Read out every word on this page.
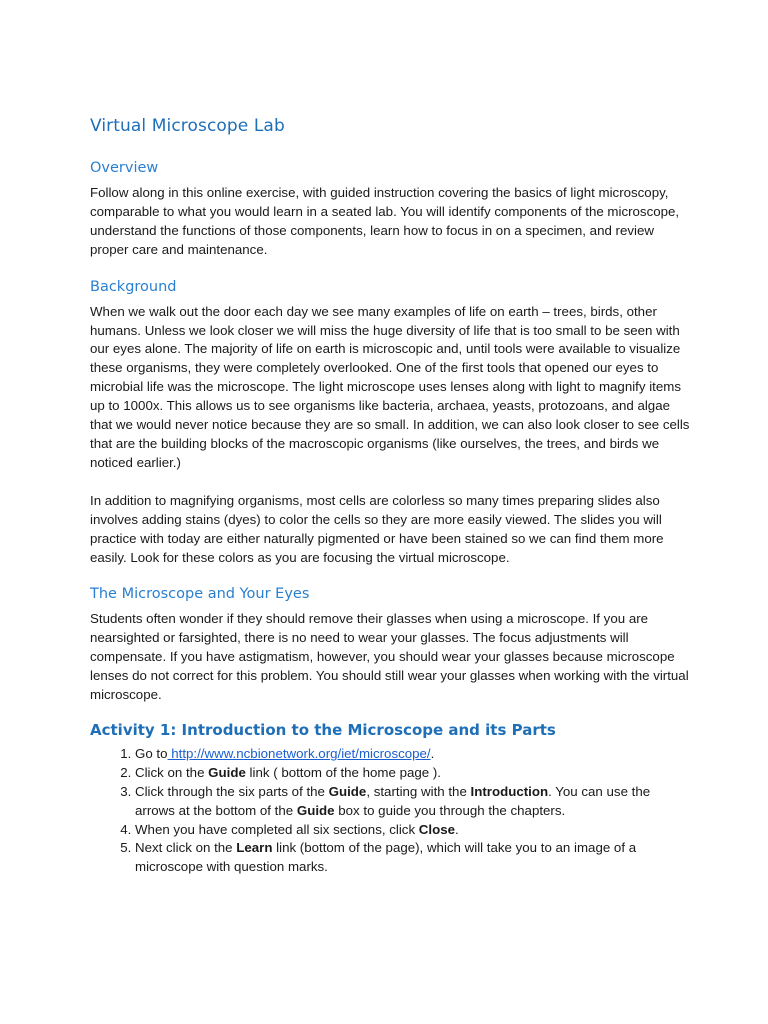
Virtual Microscope Lab
Overview

Follow along in this online exercise, with guided instruction covering the basics of light microscopy, comparable to what you would learn in a seated lab. You will identify components of the microscope, understand the functions of those components, learn how to focus in on a specimen, and review proper care and maintenance.

Background

When we walk out the door each day we see many examples of life on earth – trees, birds, other humans. Unless we look closer we will miss the huge diversity of life that is too small to be seen with our eyes alone. The majority of life on earth is microscopic and, until tools were available to visualize these organisms, they were completely overlooked. One of the first tools that opened our eyes to microbial life was the microscope. The light microscope uses lenses along with light to magnify items up to 1000x. This allows us to see organisms like bacteria, archaea, yeasts, protozoans, and algae that we would never notice because they are so small. In addition, we can also look closer to see cells that are the building blocks of the macroscopic organisms (like ourselves, the trees, and birds we noticed earlier.)

In addition to magnifying organisms, most cells are colorless so many times preparing slides also involves adding stains (dyes) to color the cells so they are more easily viewed. The slides you will practice with today are either naturally pigmented or have been stained so we can find them more easily. Look for these colors as you are focusing the virtual microscope.

The Microscope and Your Eyes

Students often wonder if they should remove their glasses when using a microscope. If you are nearsighted or farsighted, there is no need to wear your glasses. The focus adjustments will compensate. If you have astigmatism, however, you should wear your glasses because microscope lenses do not correct for this problem. You should still wear your glasses when working with the virtual microscope.

Activity 1: Introduction to the Microscope and its Parts
1. Go to http://www.ncbionetwork.org/iet/microscope/.
2. Click on the Guide link ( bottom of the home page ).
3. Click through the six parts of the Guide, starting with the Introduction. You can use the arrows at the bottom of the Guide box to guide you through the chapters.
4. When you have completed all six sections, click Close.
5. Next click on the Learn link (bottom of the page), which will take you to an image of a microscope with question marks.
